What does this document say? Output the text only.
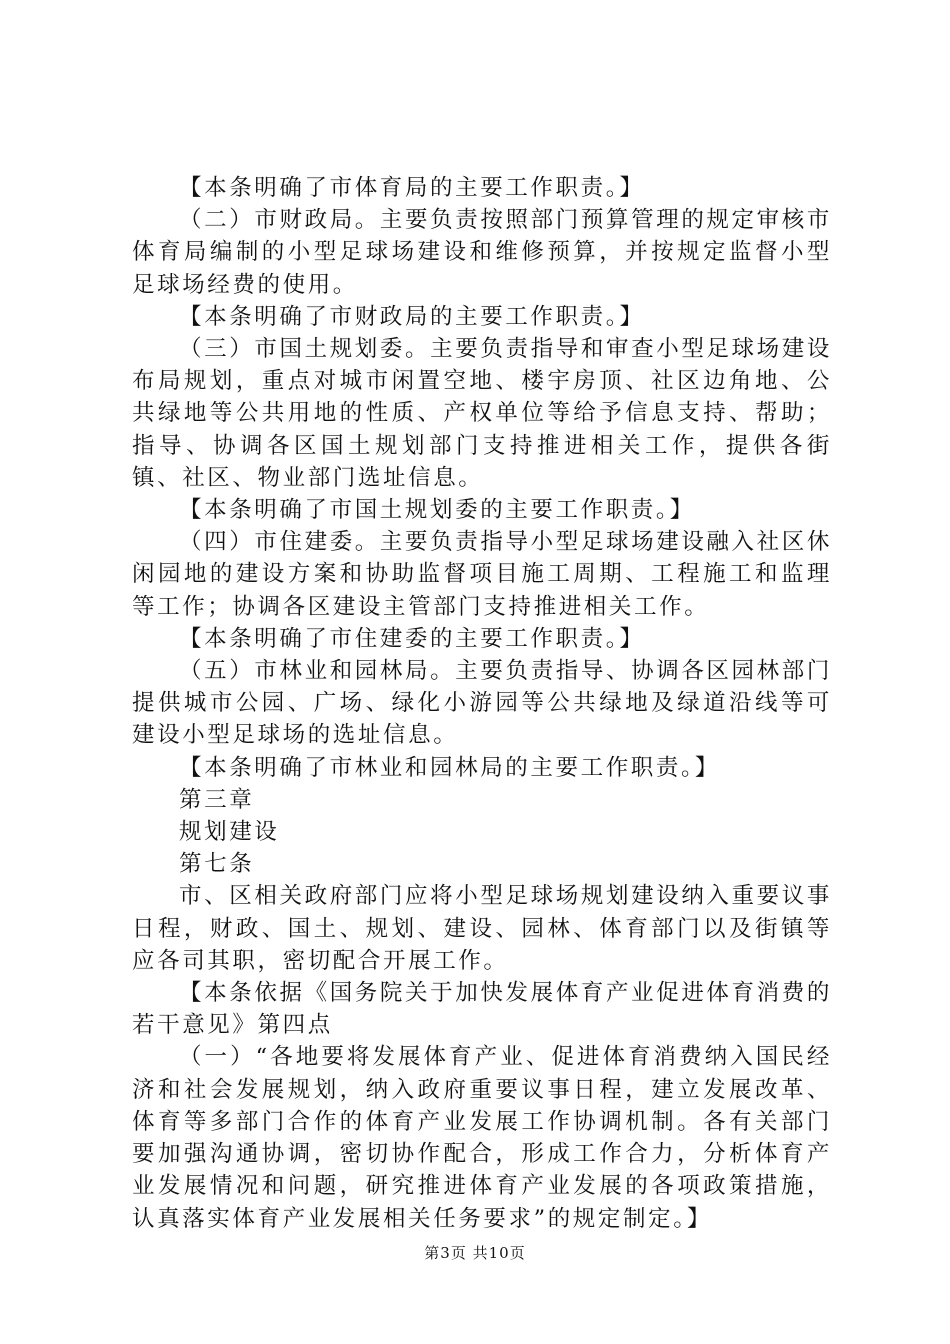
【本条明确了市体育局的主要工作职责。】

（二）市财政局。主要负责按照部门预算管理的规定审核市体育局编制的小型足球场建设和维修预算，并按规定监督小型足球场经费的使用。

【本条明确了市财政局的主要工作职责。】

（三）市国土规划委。主要负责指导和审查小型足球场建设布局规划，重点对城市闲置空地、楼宇房顶、社区边角地、公共绿地等公共用地的性质、产权单位等给予信息支持、帮助；指导、协调各区国土规划部门支持推进相关工作，提供各街镇、社区、物业部门选址信息。

【本条明确了市国土规划委的主要工作职责。】

（四）市住建委。主要负责指导小型足球场建设融入社区休闲园地的建设方案和协助监督项目施工周期、工程施工和监理等工作；协调各区建设主管部门支持推进相关工作。

【本条明确了市住建委的主要工作职责。】

（五）市林业和园林局。主要负责指导、协调各区园林部门提供城市公园、广场、绿化小游园等公共绿地及绿道沿线等可建设小型足球场的选址信息。

【本条明确了市林业和园林局的主要工作职责。】

第三章

规划建设

第七条

市、区相关政府部门应将小型足球场规划建设纳入重要议事日程，财政、国土、规划、建设、园林、体育部门以及街镇等应各司其职，密切配合开展工作。

【本条依据《国务院关于加快发展体育产业促进体育消费的若干意见》第四点

（一）“各地要将发展体育产业、促进体育消费纳入国民经济和社会发展规划，纳入政府重要议事日程，建立发展改革、体育等多部门合作的体育产业发展工作协调机制。各有关部门要加强沟通协调，密切协作配合，形成工作合力，分析体育产业发展情况和问题，研究推进体育产业发展的各项政策措施，认真落实体育产业发展相关任务要求”的规定制定。】

第3页 共10页
